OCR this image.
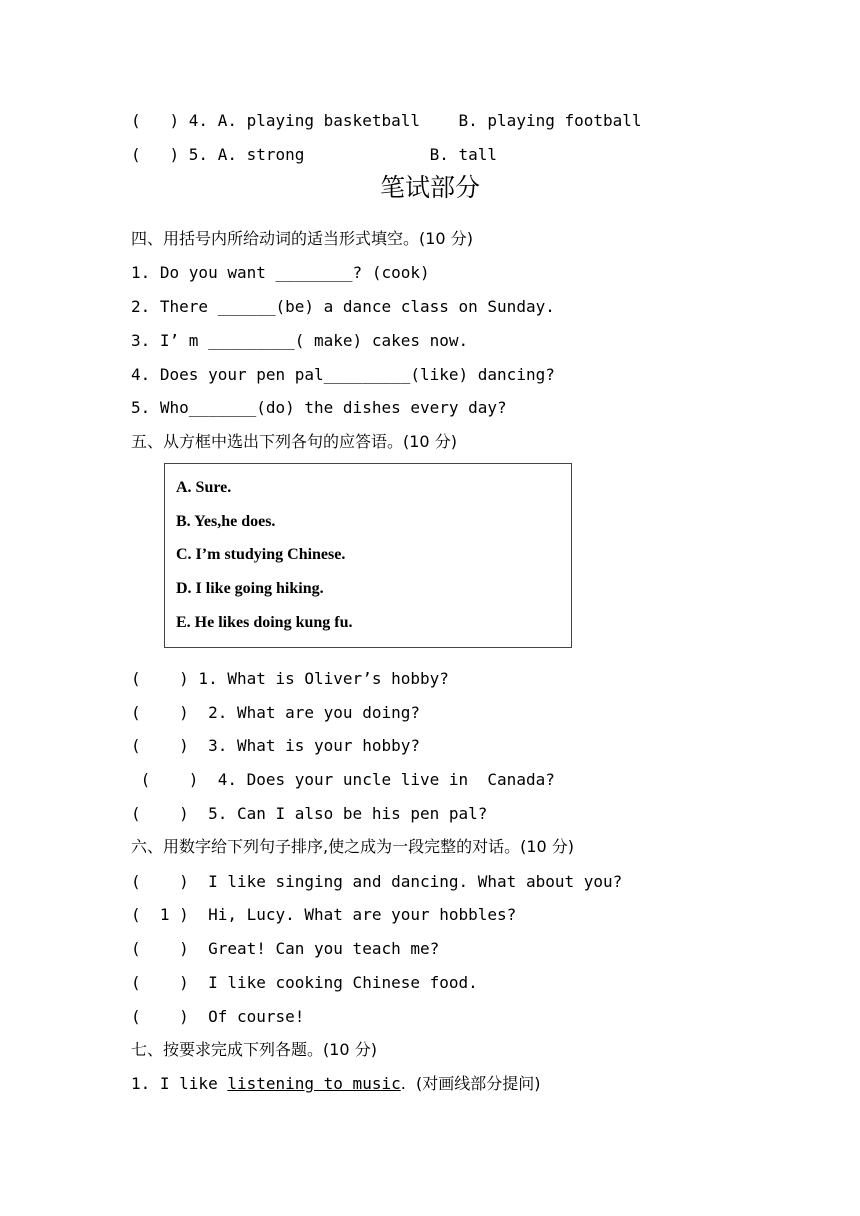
(   ) 4. A. playing basketball    B. playing football
(   ) 5. A. strong             B. tall
笔试部分
四、用括号内所给动词的适当形式填空。(10 分)
1. Do you want ________? (cook)
2. There ______(be) a dance class on Sunday.
3. I’ m _________( make) cakes now.
4. Does your pen pal_________(like) dancing?
5. Who_______(do) the dishes every day?
五、从方框中选出下列各句的应答语。(10 分)
A. Sure.
B. Yes,he does.
C. I’m studying Chinese.
D. I like going hiking.
E. He likes doing kung fu.
(    ) 1. What is Oliver’s hobby?
(    )  2. What are you doing?
(    )  3. What is your hobby?
(    )  4. Does your uncle live in  Canada?
(    )  5. Can I also be his pen pal?
六、用数字给下列句子排序,使之成为一段完整的对话。(10 分)
(    )  I like singing and dancing. What about you?
(  1 )  Hi, Lucy. What are your hobbles?
(    )  Great! Can you teach me?
(    )  I like cooking Chinese food.
(    )  Of course!
七、按要求完成下列各题。(10 分)
1. I like listening to music.  (对画线部分提问)
